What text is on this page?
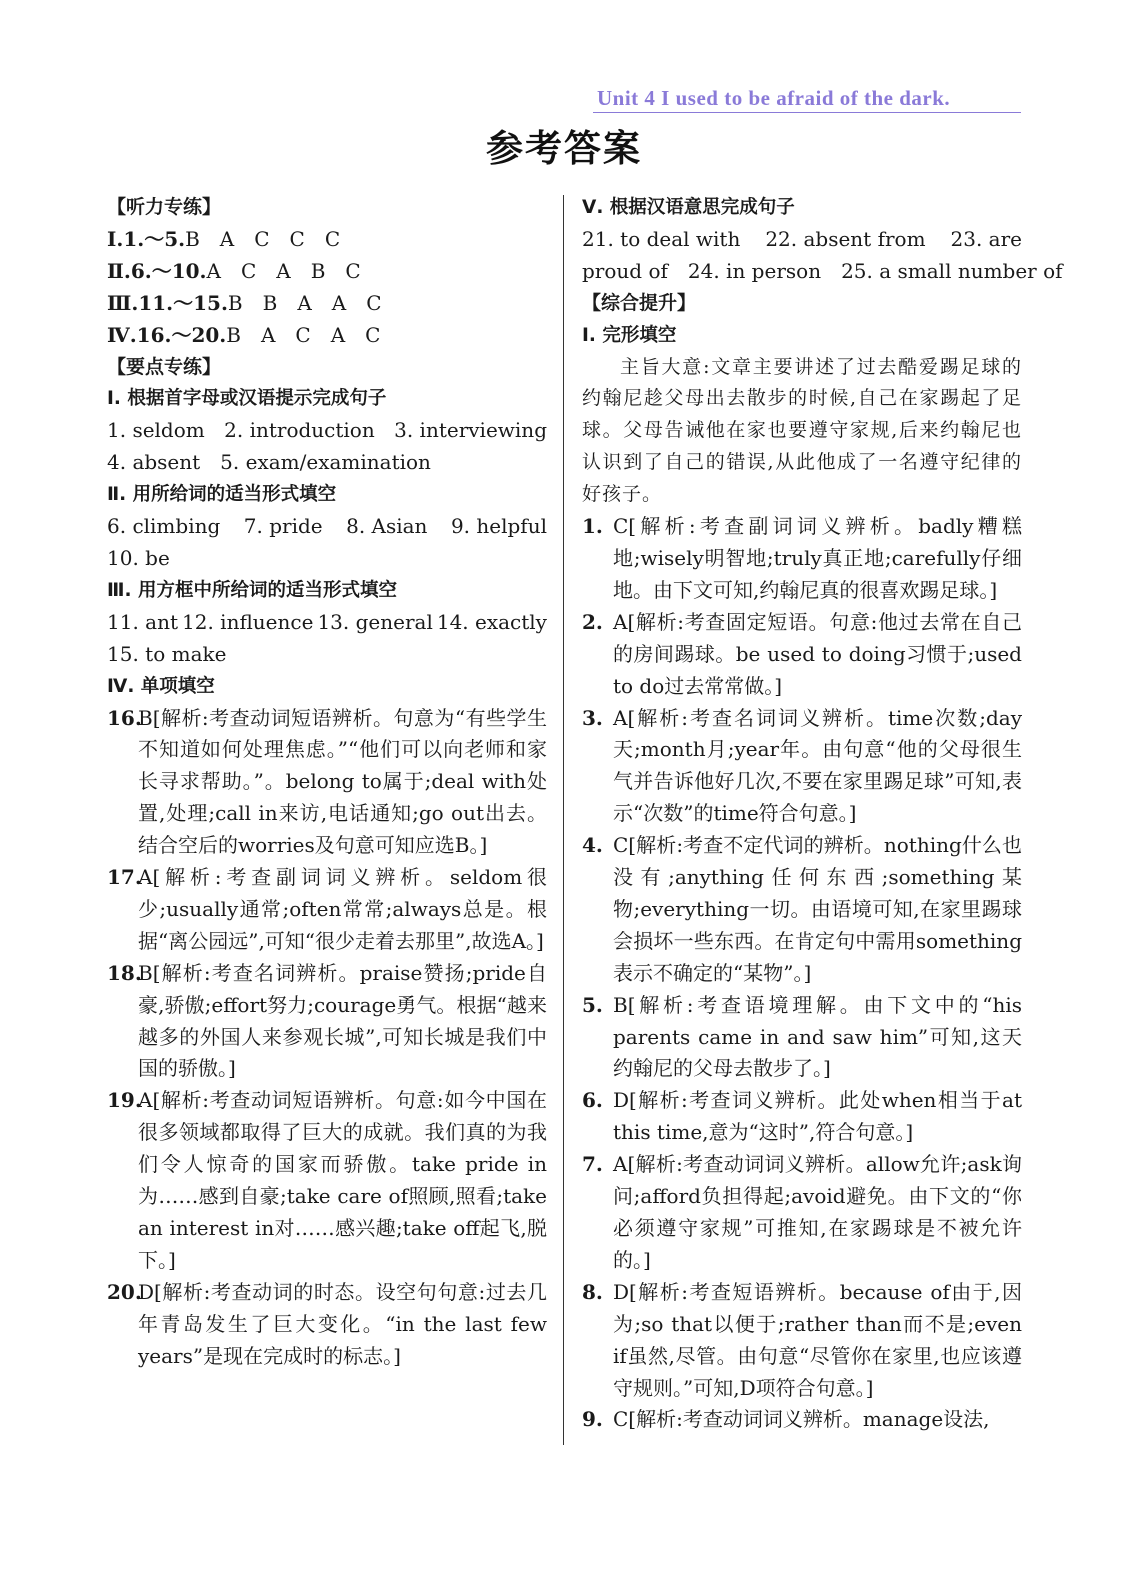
Unit 4 I used to be afraid of the dark.
参考答案
【听力专练】
Ⅰ.1.～5.B　A　C　C　C
Ⅱ.6.～10.A　C　A　B　C
Ⅲ.11.～15.B　B　A　A　C
Ⅳ.16.～20.B　A　C　A　C
【要点专练】
Ⅰ. 根据首字母或汉语提示完成句子
1. seldom 2. introduction 3. interviewing
4. absent　5. exam/examination
Ⅱ. 用所给词的适当形式填空
6. climbing 7. pride 8. Asian 9. helpful
10. be
Ⅲ. 用方框中所给词的适当形式填空
11. ant 12. influence 13. general 14. exactly
15. to make
Ⅳ. 单项填空
16.
B[解析:考查动词短语辨析。句意为“有些学生不知道如何处理焦虑。”“他们可以向老师和家长寻求帮助。”。belong to属于;deal with处置,处理;call in来访,电话通知;go out出去。结合空后的worries及句意可知应选B。]
17.
A[解析:考查副词词义辨析。seldom很少;usually通常;often常常;always总是。根据“离公园远”,可知“很少走着去那里”,故选A。]
18.
B[解析:考查名词辨析。praise赞扬;pride自豪,骄傲;effort努力;courage勇气。根据“越来越多的外国人来参观长城”,可知长城是我们中国的骄傲。]
19.
A[解析:考查动词短语辨析。句意:如今中国在很多领域都取得了巨大的成就。我们真的为我们令人惊奇的国家而骄傲。take pride in为……感到自豪;take care of照顾,照看;take an interest in对……感兴趣;take off起飞,脱下。]
20.
D[解析:考查动词的时态。设空句句意:过去几年青岛发生了巨大变化。“in the last few years”是现在完成时的标志。]
Ⅴ. 根据汉语意思完成句子
21. to deal with 22. absent from 23. are
proud of　24. in person　25. a small number of
【综合提升】
Ⅰ. 完形填空
主旨大意:文章主要讲述了过去酷爱踢足球的约翰尼趁父母出去散步的时候,自己在家踢起了足球。父母告诫他在家也要遵守家规,后来约翰尼也认识到了自己的错误,从此他成了一名遵守纪律的好孩子。
1. C[解析:考查副词词义辨析。badly糟糕地;wisely明智地;truly真正地;carefully仔细地。由下文可知,约翰尼真的很喜欢踢足球。]
2. A[解析:考查固定短语。句意:他过去常在自己的房间踢球。be used to doing习惯于;used to do过去常常做。]
3. A[解析:考查名词词义辨析。time次数;day天;month月;year年。由句意“他的父母很生气并告诉他好几次,不要在家里踢足球”可知,表示“次数”的time符合句意。]
4. C[解析:考查不定代词的辨析。nothing什么也没有;anything任何东西;something某物;everything一切。由语境可知,在家里踢球会损坏一些东西。在肯定句中需用something表示不确定的“某物”。]
5. B[解析:考查语境理解。由下文中的“his parents came in and saw him”可知,这天约翰尼的父母去散步了。]
6. D[解析:考查词义辨析。此处when相当于at this time,意为“这时”,符合句意。]
7. A[解析:考查动词词义辨析。allow允许;ask询问;afford负担得起;avoid避免。由下文的“你必须遵守家规”可推知,在家踢球是不被允许的。]
8. D[解析:考查短语辨析。because of由于,因为;so that以便于;rather than而不是;even if虽然,尽管。由句意“尽管你在家里,也应该遵守规则。”可知,D项符合句意。]
9. C[解析:考查动词词义辨析。manage设法,
